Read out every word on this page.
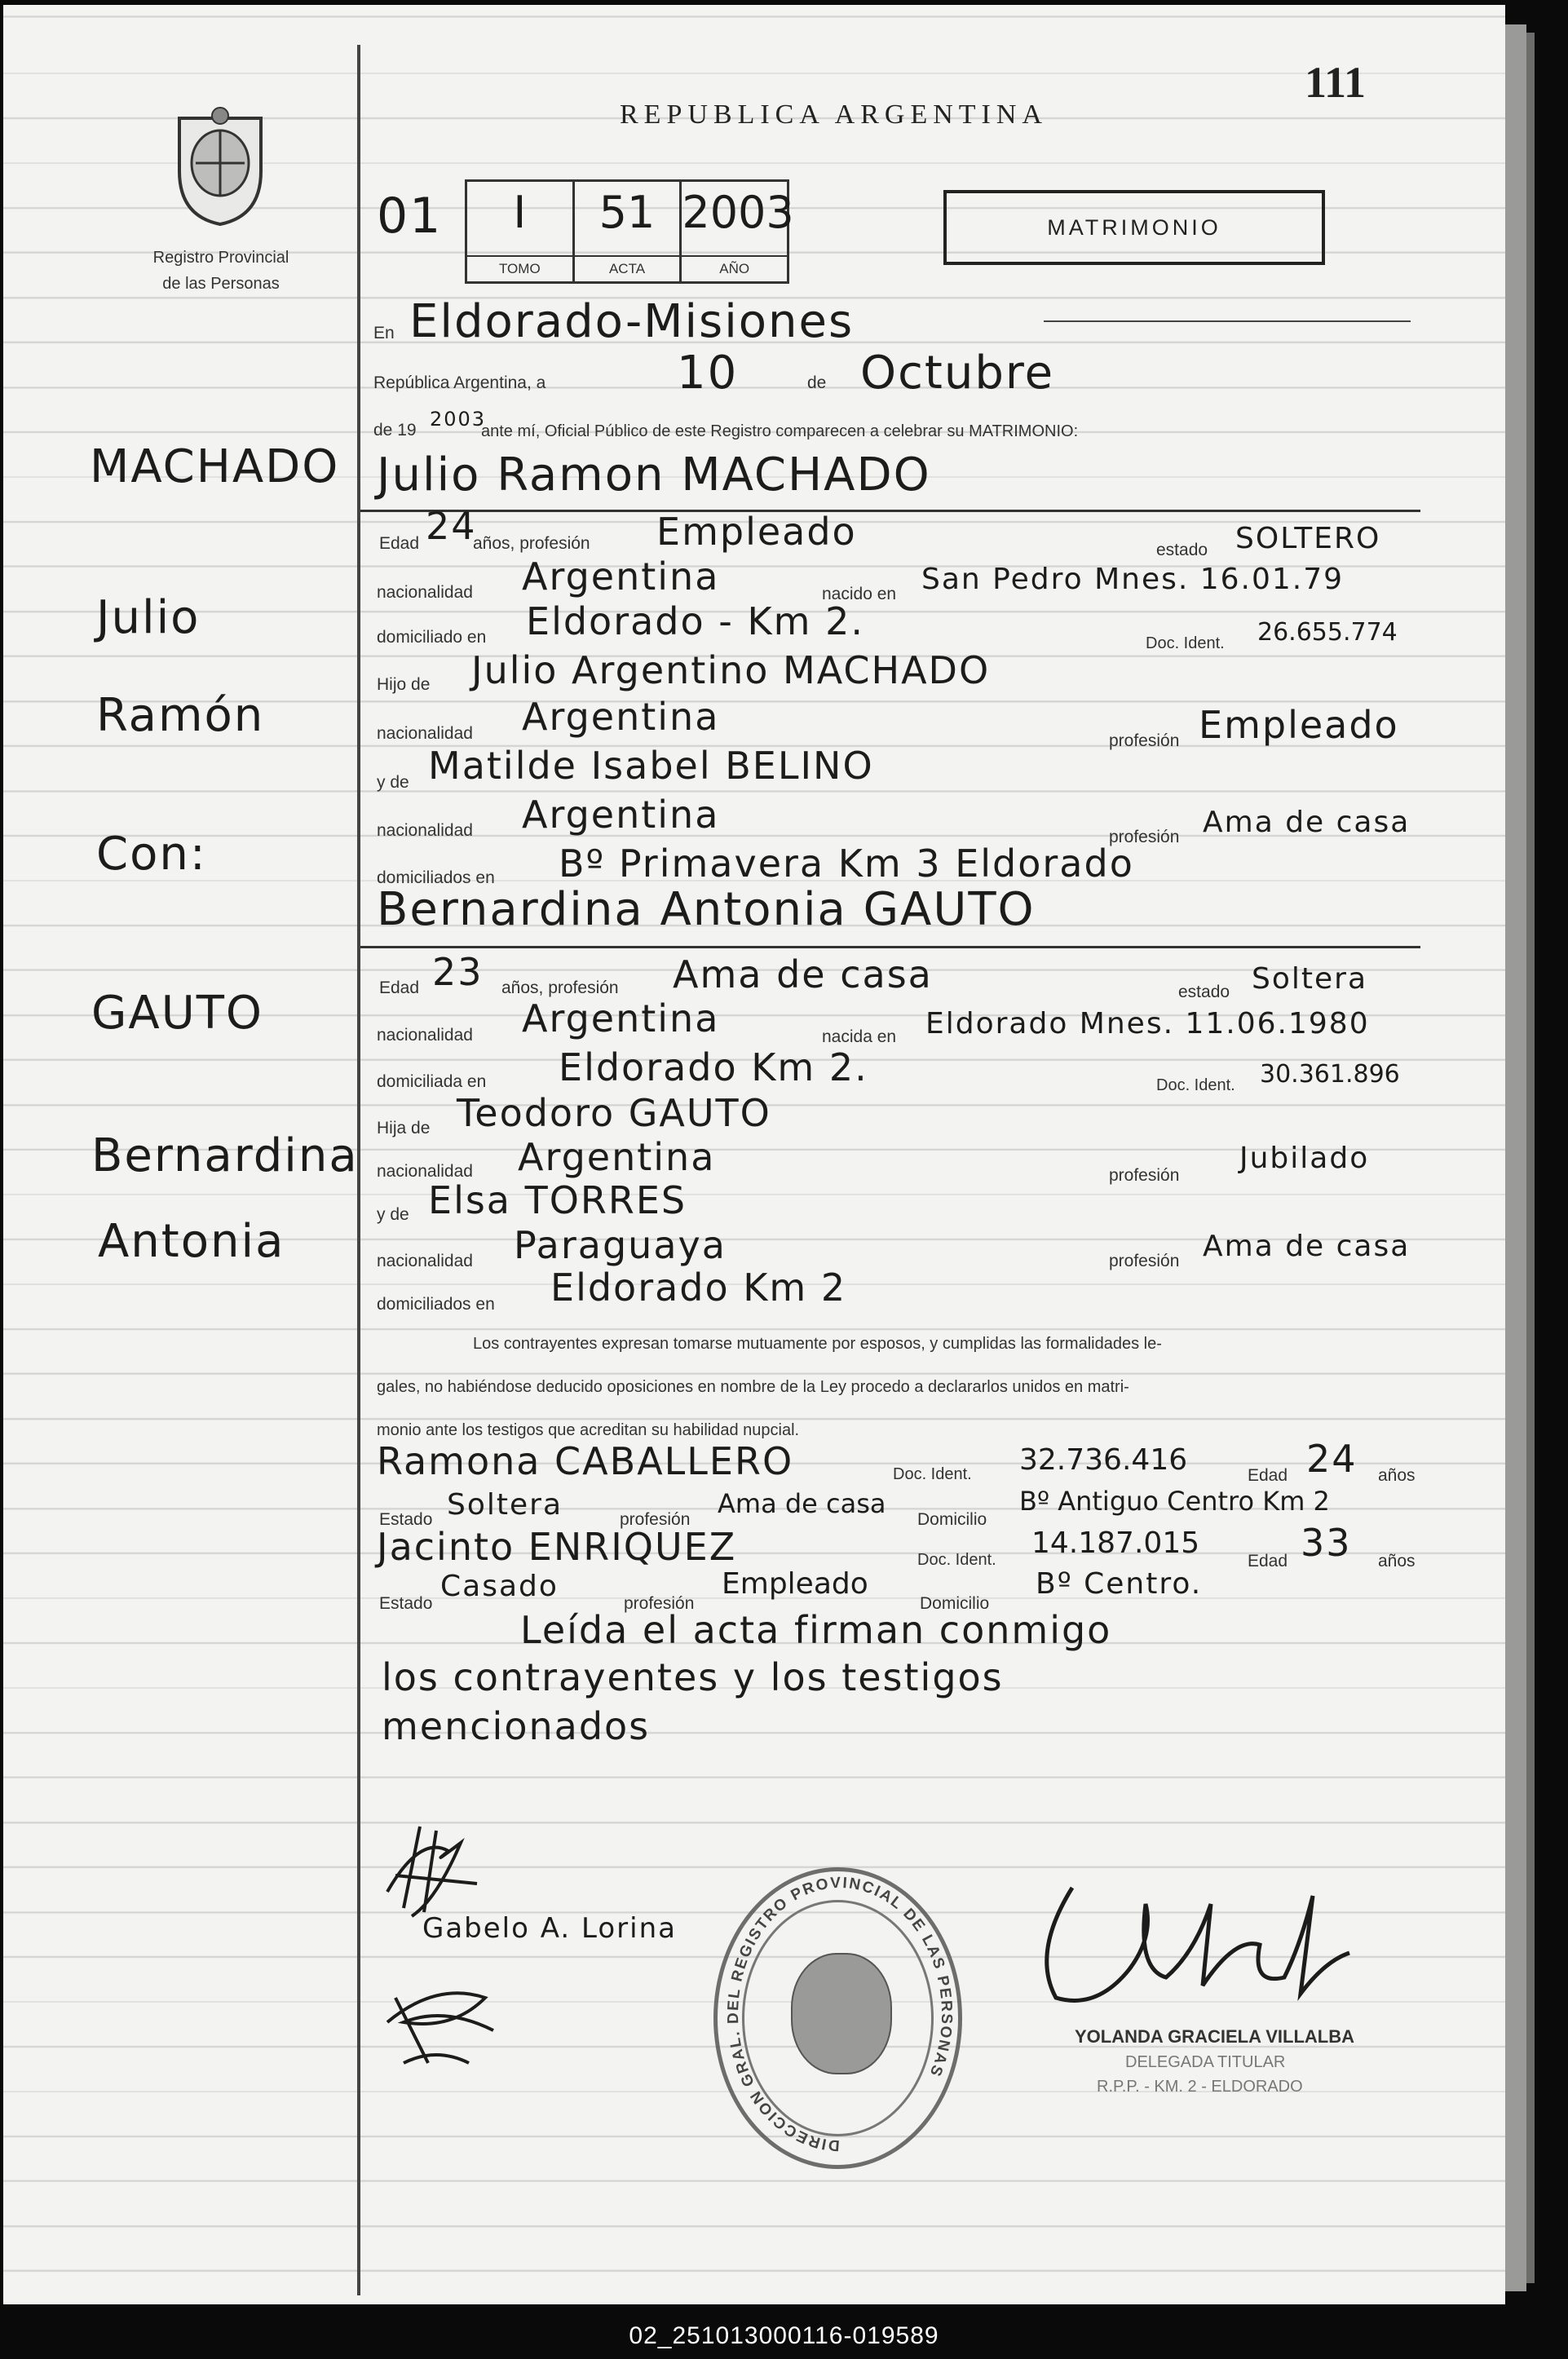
111
Registro Provincial
de las Personas
REPUBLICA ARGENTINA
MATRIMONIO
01	I
TOMO
51
ACTA
2003
AÑO
MACHADO
Julio
Ramón
Con:
GAUTO
Bernardina
Antonia
En Eldorado-Misiones
República Argentina, a	10	de Octubre
de 19 2003
ante mí, Oficial Público de este Registro comparecen a celebrar su MATRIMONIO:
Julio Ramon MACHADO
Edad 24
años, profesión Empleado	estado SOLTERO
nacionalidad Argentina	nacido en San Pedro Mnes. 16.01.79
domiciliado en Eldorado - Km 2.	Doc. Ident. 26.655.774
Hijo de Julio Argentino MACHADO
nacionalidad Argentina
profesión Empleado
y de Matilde Isabel BELINO
nacionalidad Argentina
profesión Ama de casa
domiciliados en Bº Primavera Km 3 Eldorado
Bernardina Antonia GAUTO
Edad 23 años, profesión Ama de casa	estado Soltera
nacionalidad Argentina	nacida en Eldorado Mnes. 11.06.1980
domiciliada en Eldorado Km 2.	Doc. Ident. 30.361.896
Hija de Teodoro GAUTO
nacionalidad Argentina	profesión
Jubilado
y de Elsa TORRES
nacionalidad Paraguaya	profesión Ama de casa
domiciliados en Eldorado Km 2
Los contrayentes expresan tomarse mutuamente por esposos, y cumplidas las formalidades le-
gales, no habiéndose deducido oposiciones en nombre de la Ley procedo a declararlos unidos en matri-
monio ante los testigos que acreditan su habilidad nupcial.
Ramona CABALLERO	Doc. Ident. 32.736.416	Edad 24 años
Estado Soltera	profesión
Ama de casa
Domicilio
Bº Antiguo Centro Km 2
Jacinto ENRIQUEZ	Doc. Ident. 14.187.015
Edad 33 años
Estado
Casado
profesión
Empleado
Domicilio
Bº Centro.
Leída el acta firman conmigo
los contrayentes y los testigos
mencionados
Gabelo A. Lorina
DIRECCION GRAL. DEL REGISTRO PROVINCIAL DE LAS PERSONAS
YOLANDA GRACIELA VILLALBA
DELEGADA TITULAR
R.P.P. - KM. 2 - ELDORADO
02_251013000116-019589
